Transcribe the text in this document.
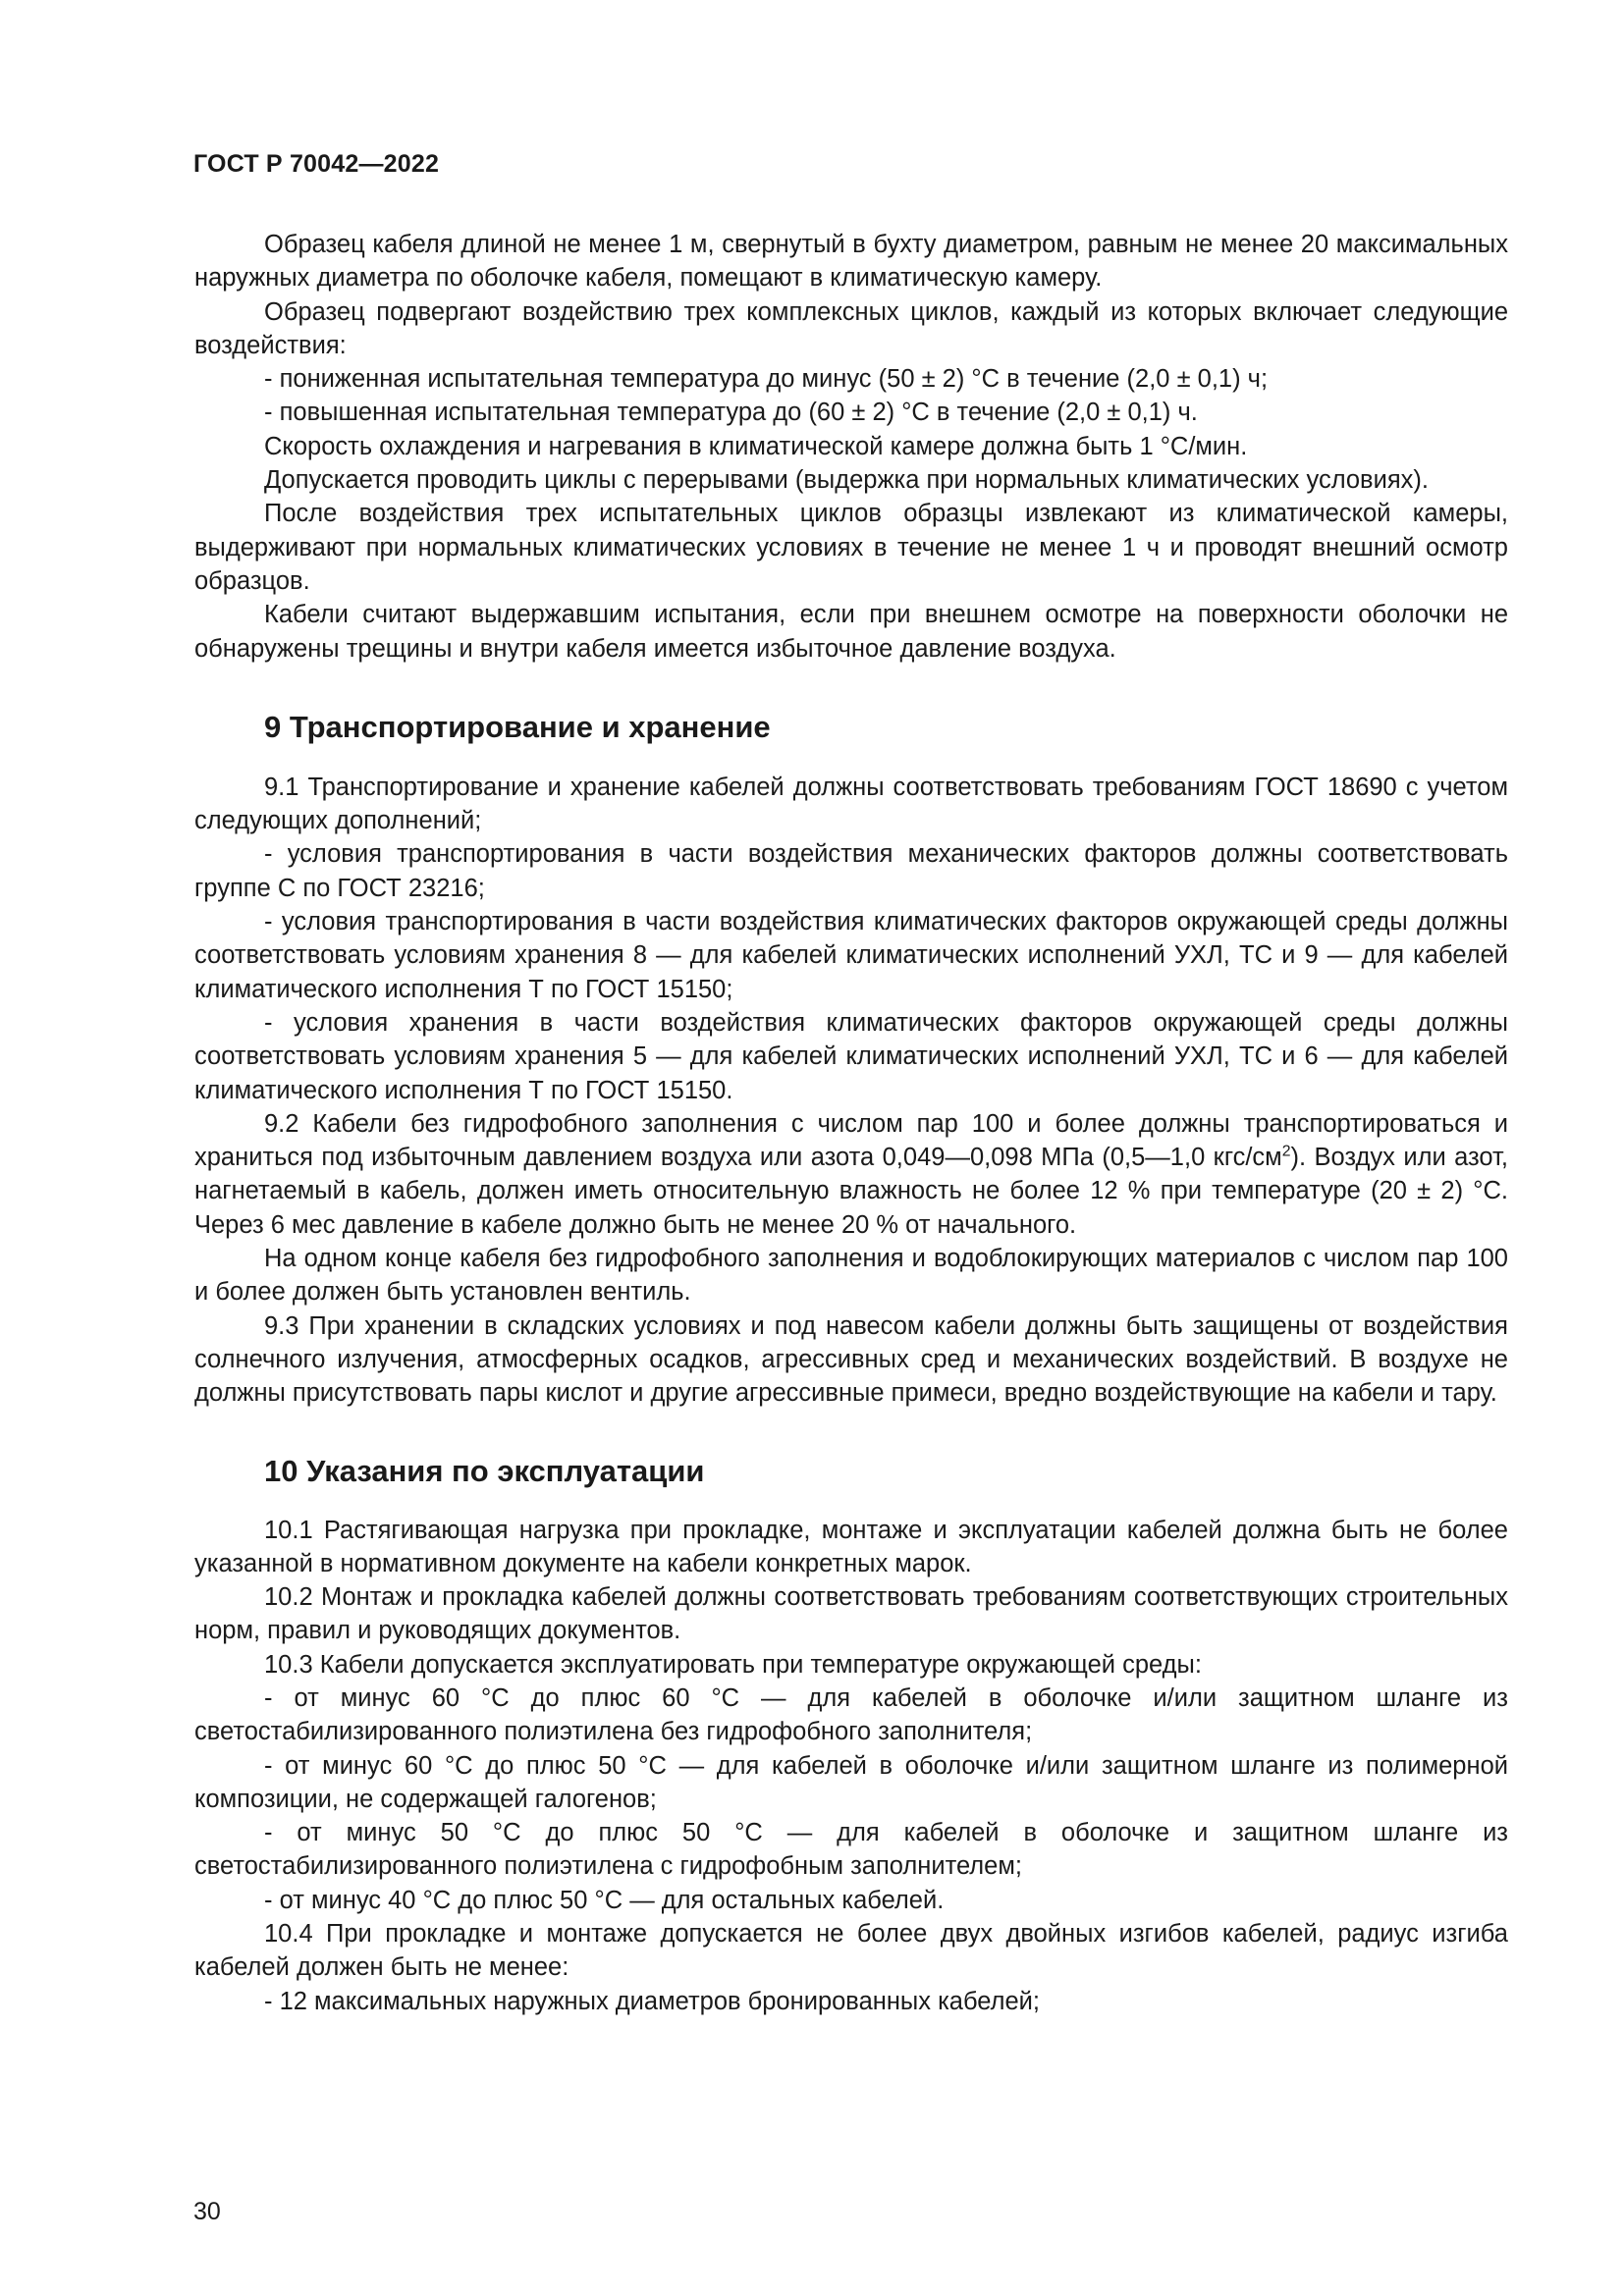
ГОСТ Р 70042—2022

Образец кабеля длиной не менее 1 м, свернутый в бухту диаметром, равным не менее 20 максимальных наружных диаметра по оболочке кабеля, помещают в климатическую камеру.

Образец подвергают воздействию трех комплексных циклов, каждый из которых включает следующие воздействия:

- пониженная испытательная температура до минус (50 ± 2) °С в течение (2,0 ± 0,1) ч;

- повышенная испытательная температура до (60 ± 2) °С в течение (2,0 ± 0,1) ч.

Скорость охлаждения и нагревания в климатической камере должна быть 1 °С/мин.

Допускается проводить циклы с перерывами (выдержка при нормальных климатических условиях).

После воздействия трех испытательных циклов образцы извлекают из климатической камеры, выдерживают при нормальных климатических условиях в течение не менее 1 ч и проводят внешний осмотр образцов.

Кабели считают выдержавшим испытания, если при внешнем осмотре на поверхности оболочки не обнаружены трещины и внутри кабеля имеется избыточное давление воздуха.

9 Транспортирование и хранение

9.1 Транспортирование и хранение кабелей должны соответствовать требованиям ГОСТ 18690 с учетом следующих дополнений;

- условия транспортирования в части воздействия механических факторов должны соответствовать группе С по ГОСТ 23216;

- условия транспортирования в части воздействия климатических факторов окружающей среды должны соответствовать условиям хранения 8 — для кабелей климатических исполнений УХЛ, ТС и 9 — для кабелей климатического исполнения Т по ГОСТ 15150;

- условия хранения в части воздействия климатических факторов окружающей среды должны соответствовать условиям хранения 5 — для кабелей климатических исполнений УХЛ, ТС и 6 — для кабелей климатического исполнения Т по ГОСТ 15150.

9.2 Кабели без гидрофобного заполнения с числом пар 100 и более должны транспортироваться и храниться под избыточным давлением воздуха или азота 0,049—0,098 МПа (0,5—1,0 кгс/$см^2$). Воздух или азот, нагнетаемый в кабель, должен иметь относительную влажность не более 12 % при температуре (20 ± 2) °С. Через 6 мес давление в кабеле должно быть не менее 20 % от начального.

На одном конце кабеля без гидрофобного заполнения и водоблокирующих материалов с числом пар 100 и более должен быть установлен вентиль.

9.3 При хранении в складских условиях и под навесом кабели должны быть защищены от воздействия солнечного излучения, атмосферных осадков, агрессивных сред и механических воздействий. В воздухе не должны присутствовать пары кислот и другие агрессивные примеси, вредно воздействующие на кабели и тару.

10 Указания по эксплуатации

10.1 Растягивающая нагрузка при прокладке, монтаже и эксплуатации кабелей должна быть не более указанной в нормативном документе на кабели конкретных марок.

10.2 Монтаж и прокладка кабелей должны соответствовать требованиям соответствующих строительных норм, правил и руководящих документов.

10.3 Кабели допускается эксплуатировать при температуре окружающей среды:

- от минус 60 °С до плюс 60 °С — для кабелей в оболочке и/или защитном шланге из светостабилизированного полиэтилена без гидрофобного заполнителя;

- от минус 60 °С до плюс 50 °С — для кабелей в оболочке и/или защитном шланге из полимерной композиции, не содержащей галогенов;

- от минус 50 °С до плюс 50 °С — для кабелей в оболочке и защитном шланге из светостабилизированного полиэтилена с гидрофобным заполнителем;

- от минус 40 °С до плюс 50 °С — для остальных кабелей.

10.4 При прокладке и монтаже допускается не более двух двойных изгибов кабелей, радиус изгиба кабелей должен быть не менее:

- 12 максимальных наружных диаметров бронированных кабелей;

30
